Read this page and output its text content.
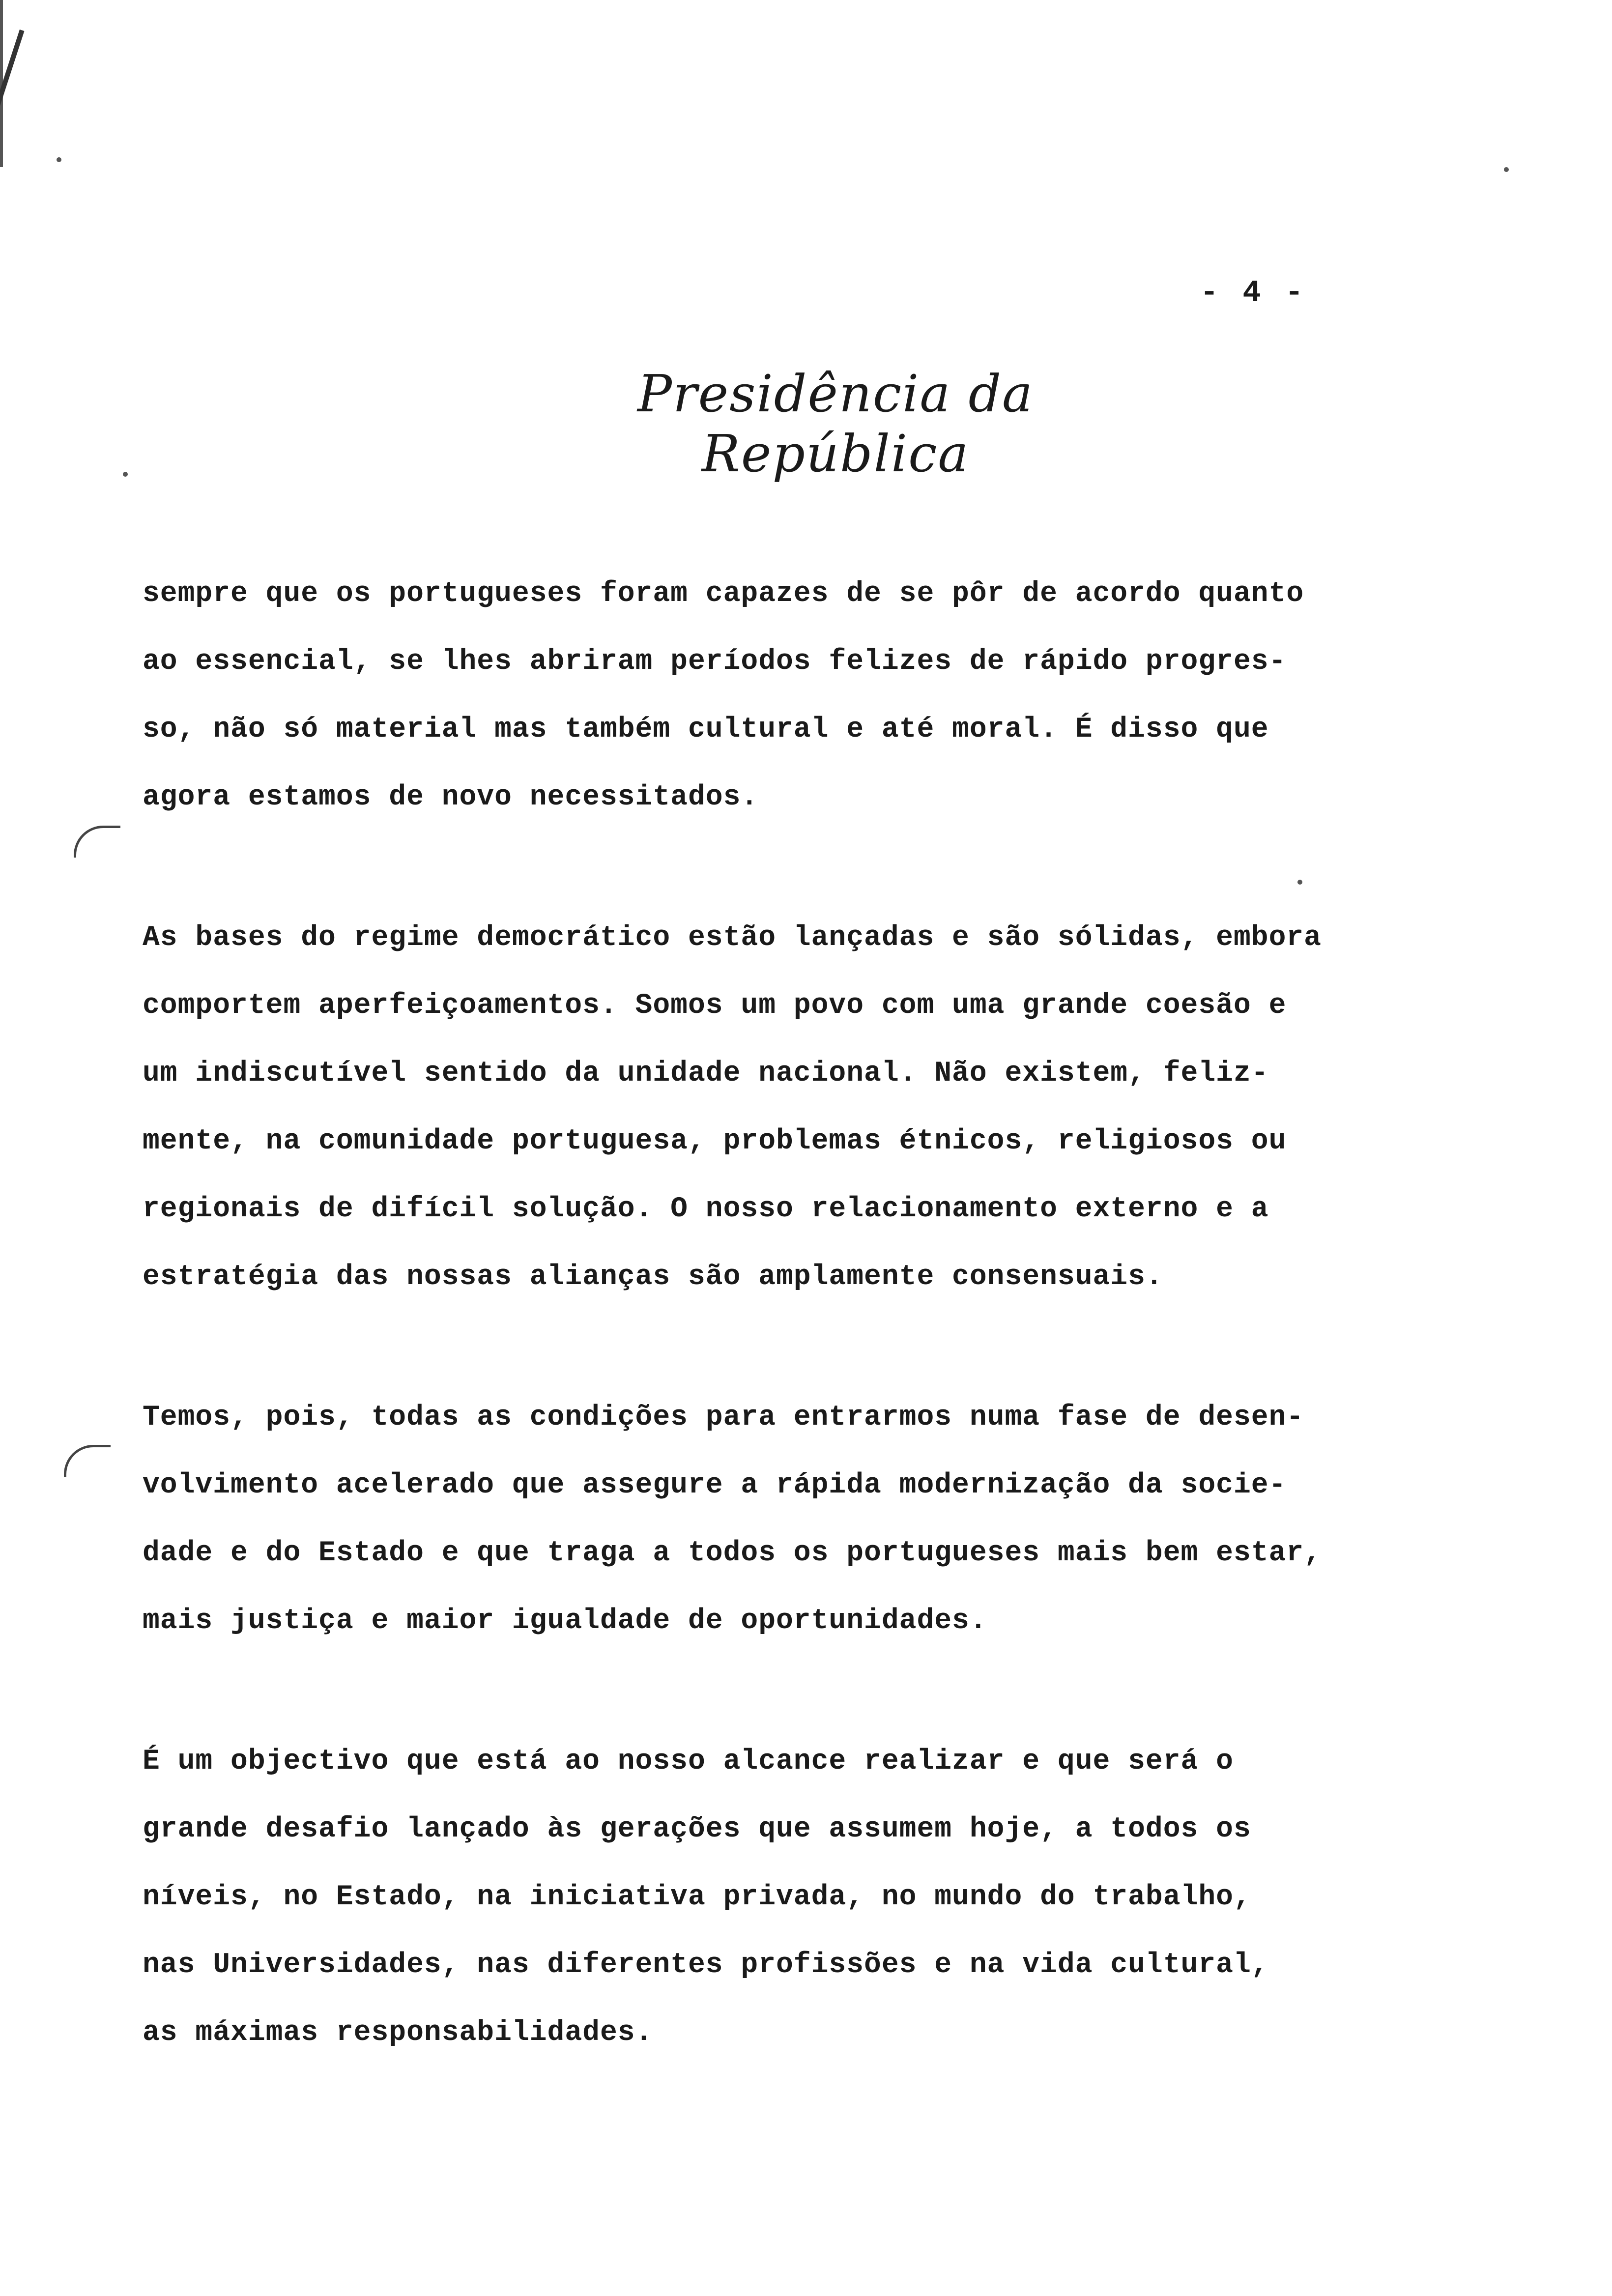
- 4 -
Presidência da República
sempre que os portugueses foram capazes de se pôr de acordo quanto
ao essencial, se lhes abriram períodos felizes de rápido progres-
so, não só material mas também cultural e até moral. É disso que
agora estamos de novo necessitados.
As bases do regime democrático estão lançadas e são sólidas, embora
comportem aperfeiçoamentos. Somos um povo com uma grande coesão e
um indiscutível sentido da unidade nacional. Não existem, feliz-
mente, na comunidade portuguesa, problemas étnicos, religiosos ou
regionais de difícil solução. O nosso relacionamento externo e a
estratégia das nossas alianças são amplamente consensuais.
Temos, pois, todas as condições para entrarmos numa fase de desen-
volvimento acelerado que assegure a rápida modernização da socie-
dade e do Estado e que traga a todos os portugueses mais bem estar,
mais justiça e maior igualdade de oportunidades.
É um objectivo que está ao nosso alcance realizar e que será o
grande desafio lançado às gerações que assumem hoje, a todos os
níveis, no Estado, na iniciativa privada, no mundo do trabalho,
nas Universidades, nas diferentes profissões e na vida cultural,
as máximas responsabilidades.
